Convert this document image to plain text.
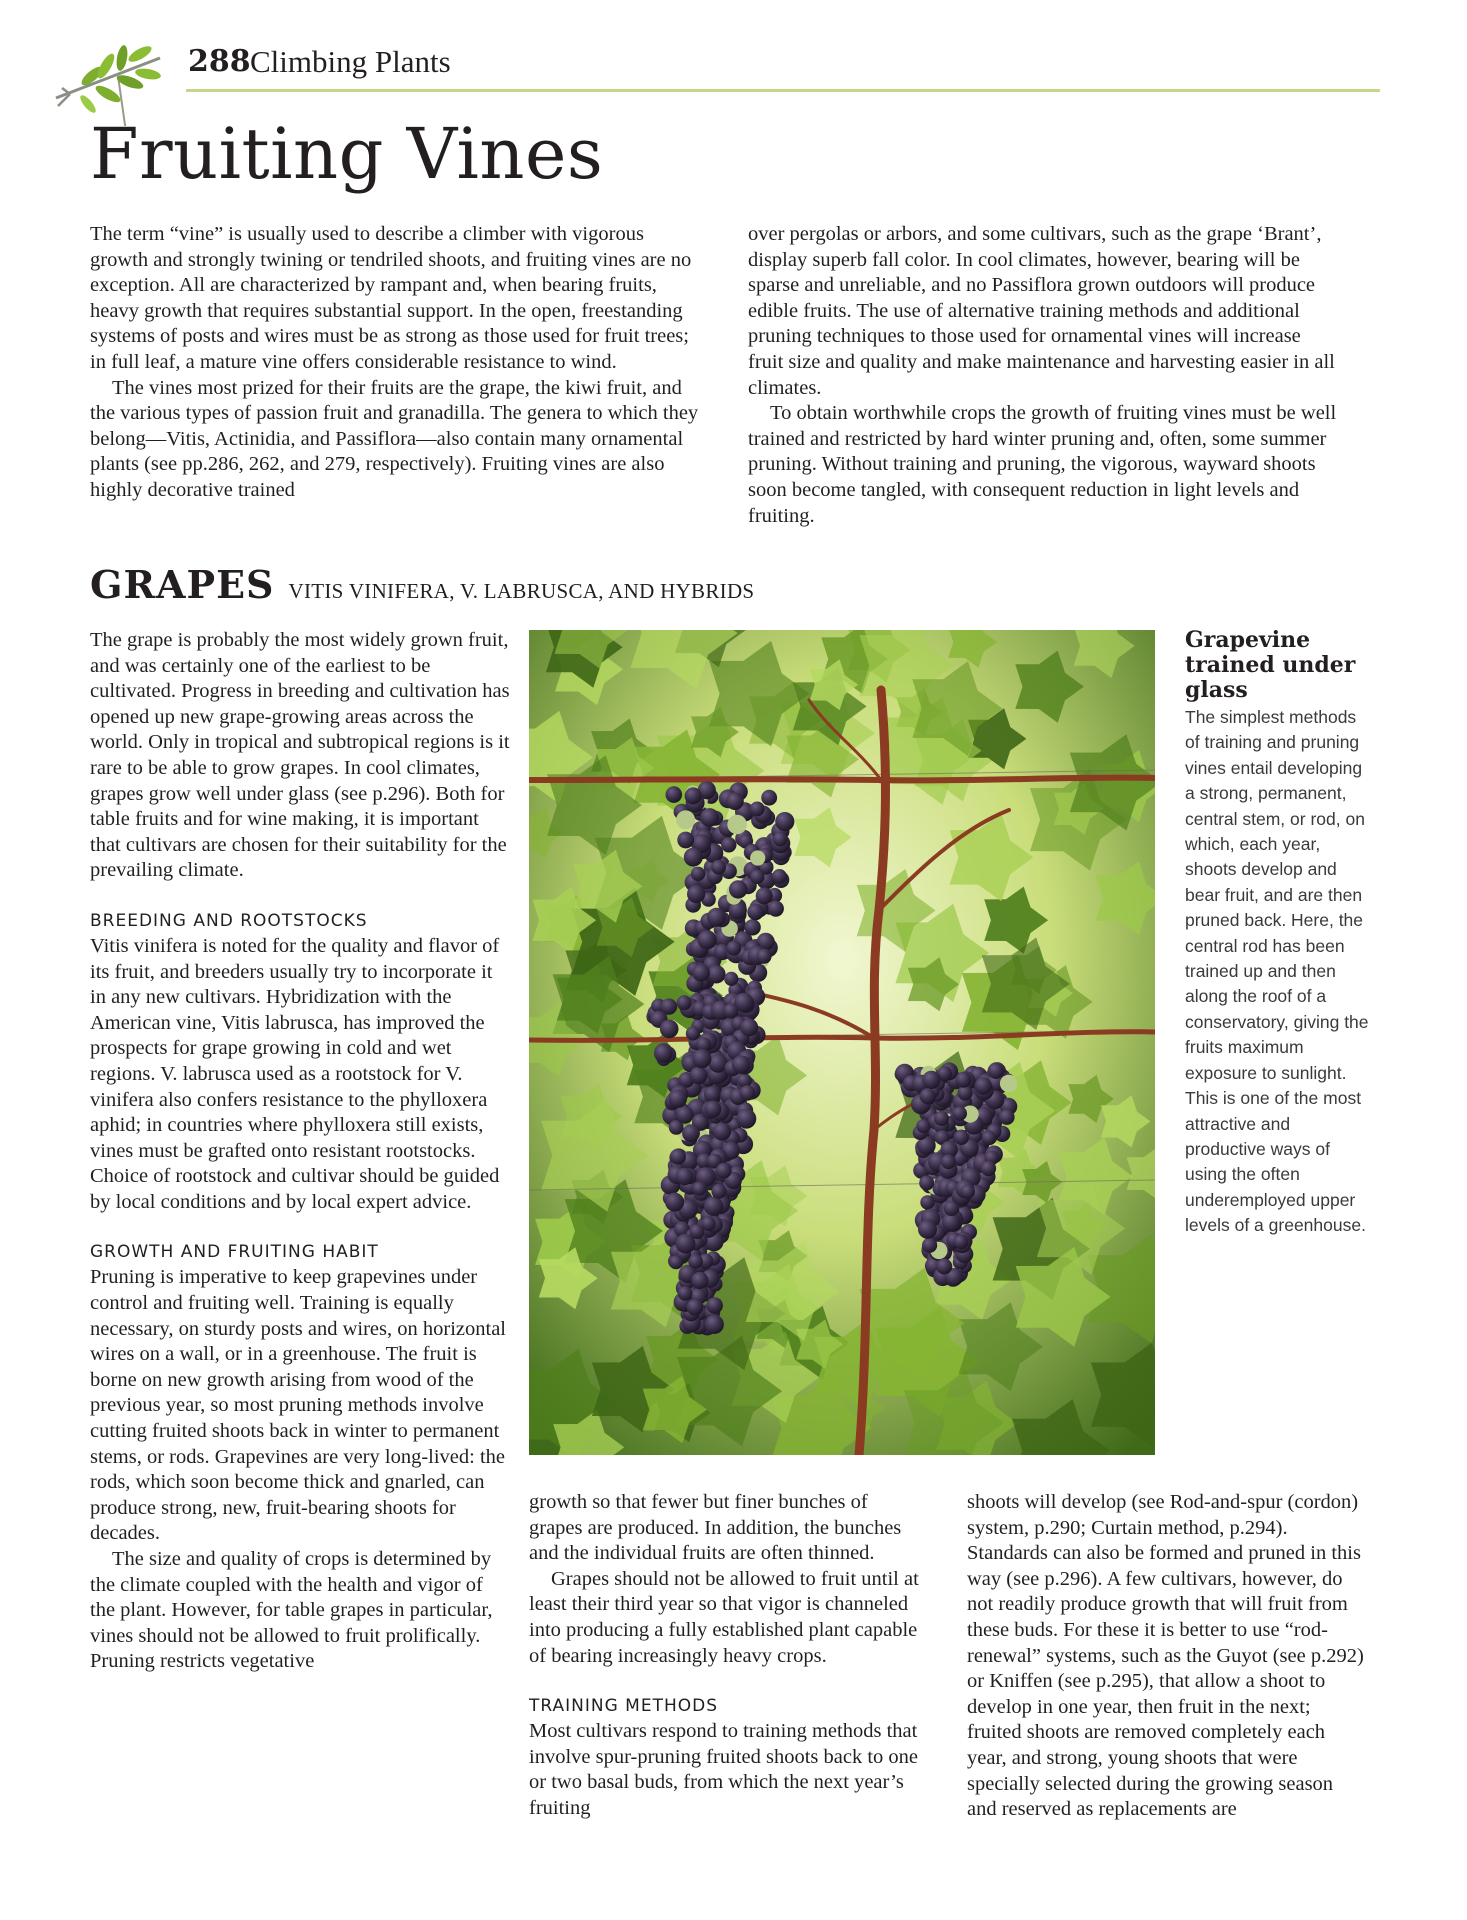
288 Climbing Plants
Fruiting Vines

The term “vine” is usually used to describe a climber with vigorous growth and strongly twining or tendriled shoots, and fruiting vines are no exception. All are characterized by rampant and, when bearing fruits, heavy growth that requires substantial support. In the open, freestanding systems of posts and wires must be as strong as those used for fruit trees; in full leaf, a mature vine offers considerable resistance to wind.

The vines most prized for their fruits are the grape, the kiwi fruit, and the various types of passion fruit and granadilla. The genera to which they belong—Vitis, Actinidia, and Passiflora—also contain many ornamental plants (see pp.286, 262, and 279, respectively). Fruiting vines are also highly decorative trained

over pergolas or arbors, and some cultivars, such as the grape ‘Brant’, display superb fall color. In cool climates, however, bearing will be sparse and unreliable, and no Passiflora grown outdoors will produce edible fruits. The use of alternative training methods and additional pruning techniques to those used for ornamental vines will increase fruit size and quality and make maintenance and harvesting easier in all climates.

To obtain worthwhile crops the growth of fruiting vines must be well trained and restricted by hard winter pruning and, often, some summer pruning. Without training and pruning, the vigorous, wayward shoots soon become tangled, with consequent reduction in light levels and fruiting.

GRAPES VITIS VINIFERA, V. LABRUSCA, AND HYBRIDS

The grape is probably the most widely grown fruit, and was certainly one of the earliest to be cultivated. Progress in breeding and cultivation has opened up new grape-growing areas across the world. Only in tropical and subtropical regions is it rare to be able to grow grapes. In cool climates, grapes grow well under glass (see p.296). Both for table fruits and for wine making, it is important that cultivars are chosen for their suitability for the prevailing climate.

BREEDING AND ROOTSTOCKS

Vitis vinifera is noted for the quality and flavor of its fruit, and breeders usually try to incorporate it in any new cultivars. Hybridization with the American vine, Vitis labrusca, has improved the prospects for grape growing in cold and wet regions. V. labrusca used as a rootstock for V. vinifera also confers resistance to the phylloxera aphid; in countries where phylloxera still exists, vines must be grafted onto resistant rootstocks. Choice of rootstock and cultivar should be guided by local conditions and by local expert advice.

GROWTH AND FRUITING HABIT

Pruning is imperative to keep grapevines under control and fruiting well. Training is equally necessary, on sturdy posts and wires, on horizontal wires on a wall, or in a greenhouse. The fruit is borne on new growth arising from wood of the previous year, so most pruning methods involve cutting fruited shoots back in winter to permanent stems, or rods. Grapevines are very long-lived: the rods, which soon become thick and gnarled, can produce strong, new, fruit-bearing shoots for decades.

The size and quality of crops is determined by the climate coupled with the health and vigor of the plant. However, for table grapes in particular, vines should not be allowed to fruit prolifically. Pruning restricts vegetative

Grapevine trained under glass

The simplest methods of training and pruning vines entail developing a strong, permanent, central stem, or rod, on which, each year, shoots develop and bear fruit, and are then pruned back. Here, the central rod has been trained up and then along the roof of a conservatory, giving the fruits maximum exposure to sunlight. This is one of the most attractive and productive ways of using the often underemployed upper levels of a greenhouse.

growth so that fewer but finer bunches of grapes are produced. In addition, the bunches and the individual fruits are often thinned.

Grapes should not be allowed to fruit until at least their third year so that vigor is channeled into producing a fully established plant capable of bearing increasingly heavy crops.

TRAINING METHODS

Most cultivars respond to training methods that involve spur-pruning fruited shoots back to one or two basal buds, from which the next year’s fruiting

shoots will develop (see Rod-and-spur (cordon) system, p.290; Curtain method, p.294). Standards can also be formed and pruned in this way (see p.296). A few cultivars, however, do not readily produce growth that will fruit from these buds. For these it is better to use “rod-renewal” systems, such as the Guyot (see p.292) or Kniffen (see p.295), that allow a shoot to develop in one year, then fruit in the next; fruited shoots are removed completely each year, and strong, young shoots that were specially selected during the growing season and reserved as replacements are
